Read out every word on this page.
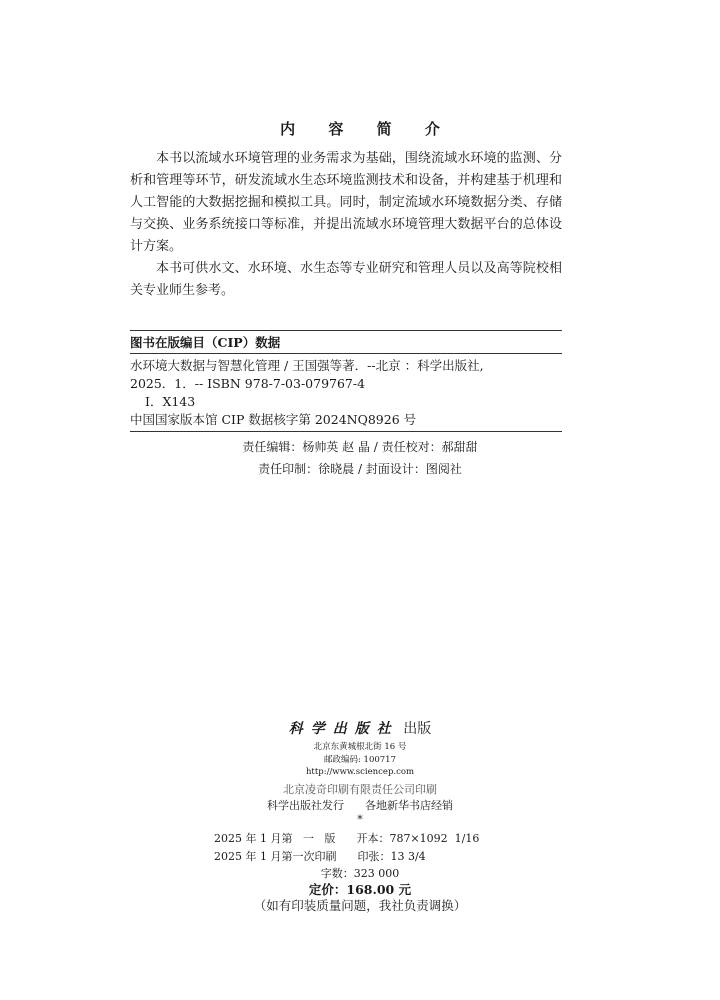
内 容 简 介

本书以流域水环境管理的业务需求为基础，围绕流域水环境的监测、分析和管理等环节，研发流域水生态环境监测技术和设备，并构建基于机理和人工智能的大数据挖掘和模拟工具。同时，制定流域水环境数据分类、存储与交换、业务系统接口等标准，并提出流域水环境管理大数据平台的总体设计方案。

本书可供水文、水环境、水生态等专业研究和管理人员以及高等院校相关专业师生参考。

图书在版编目（CIP）数据
水环境大数据与智慧化管理 / 王国强等著．--北京 ：科学出版社,
2025．1．-- ISBN 978-7-03-079767-4
Ⅰ．X143
中国国家版本馆 CIP 数据核字第 2024NQ8926 号
责任编辑：杨帅英 赵 晶 / 责任校对：郝甜甜
责任印制：徐晓晨 / 封面设计：图阅社
科学出版社 出版
北京东黄城根北街 16 号
邮政编码: 100717
http://www.sciencep.com
北京凌奇印刷有限责任公司印刷
科学出版社发行      各地新华书店经销
*
2025 年 1 月第   一   版      开本：787×1092  1/16
2025 年 1 月第一次印刷      印张：13 3/4
字数：323 000
定价：168.00 元
（如有印装质量问题，我社负责调换）
